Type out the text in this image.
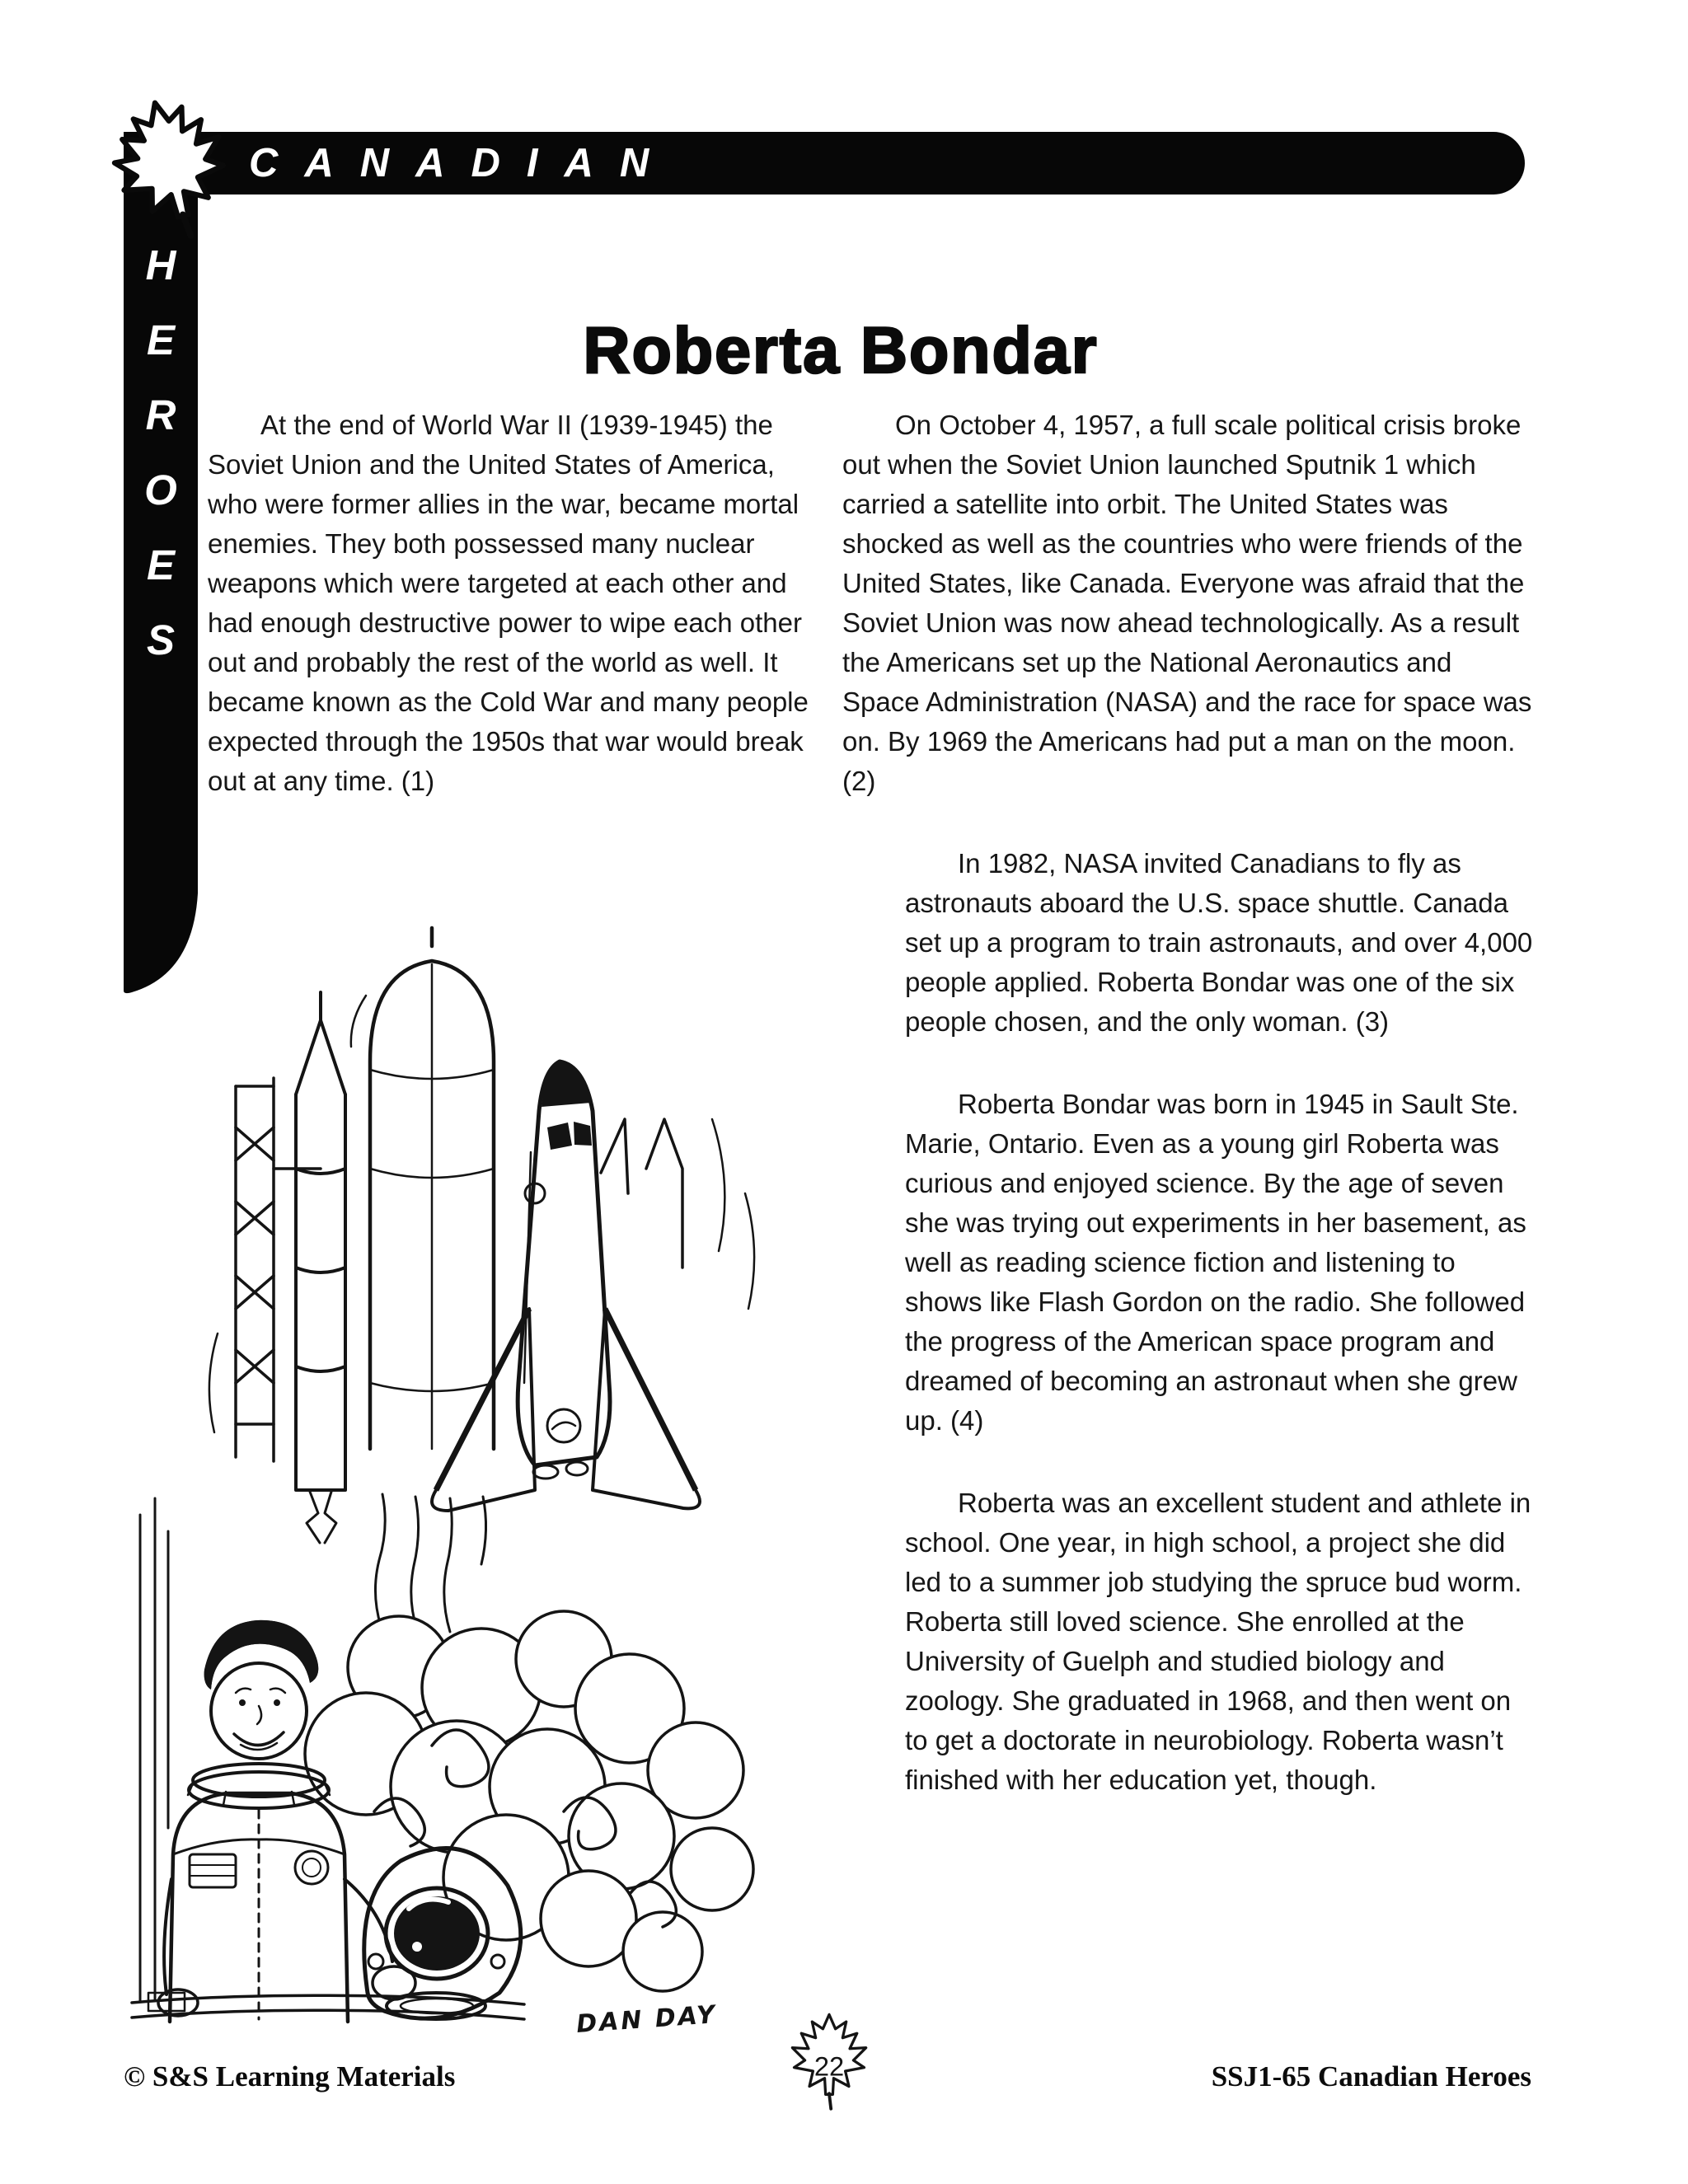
CANADIAN
H
E
R
O
E
S
Roberta Bondar

At the end of World War II (1939-1945) the Soviet Union and the United States of America, who were former allies in the war, became mortal enemies. They both possessed many nuclear weapons which were targeted at each other and had enough destructive power to wipe each other out and probably the rest of the world as well. It became known as the Cold War and many people expected through the 1950s that war would break out at any time. (1)

On October 4, 1957, a full scale political crisis broke out when the Soviet Union launched Sputnik 1 which carried a satellite into orbit. The United States was shocked as well as the countries who were friends of the United States, like Canada. Everyone was afraid that the Soviet Union was now ahead technologically. As a result the Americans set up the National Aeronautics and Space Administration (NASA) and the race for space was on. By 1969 the Americans had put a man on the moon. (2)

In 1982, NASA invited Canadians to fly as astronauts aboard the U.S. space shuttle. Canada set up a program to train astronauts, and over 4,000 people applied. Roberta Bondar was one of the six people chosen, and the only woman. (3)

Roberta Bondar was born in 1945 in Sault Ste. Marie, Ontario. Even as a young girl Roberta was curious and enjoyed science. By the age of seven she was trying out experiments in her basement, as well as reading science fiction and listening to shows like Flash Gordon on the radio. She followed the progress of the American space program and dreamed of becoming an astronaut when she grew up. (4)

Roberta was an excellent student and athlete in school. One year, in high school, a project she did led to a summer job studying the spruce bud worm. Roberta still loved science. She enrolled at the University of Guelph and studied biology and zoology. She graduated in 1968, and then went on to get a doctorate in neurobiology. Roberta wasn’t finished with her education yet, though.

DAN DAY
© S&S Learning Materials	SSJ1-65 Canadian Heroes
22
